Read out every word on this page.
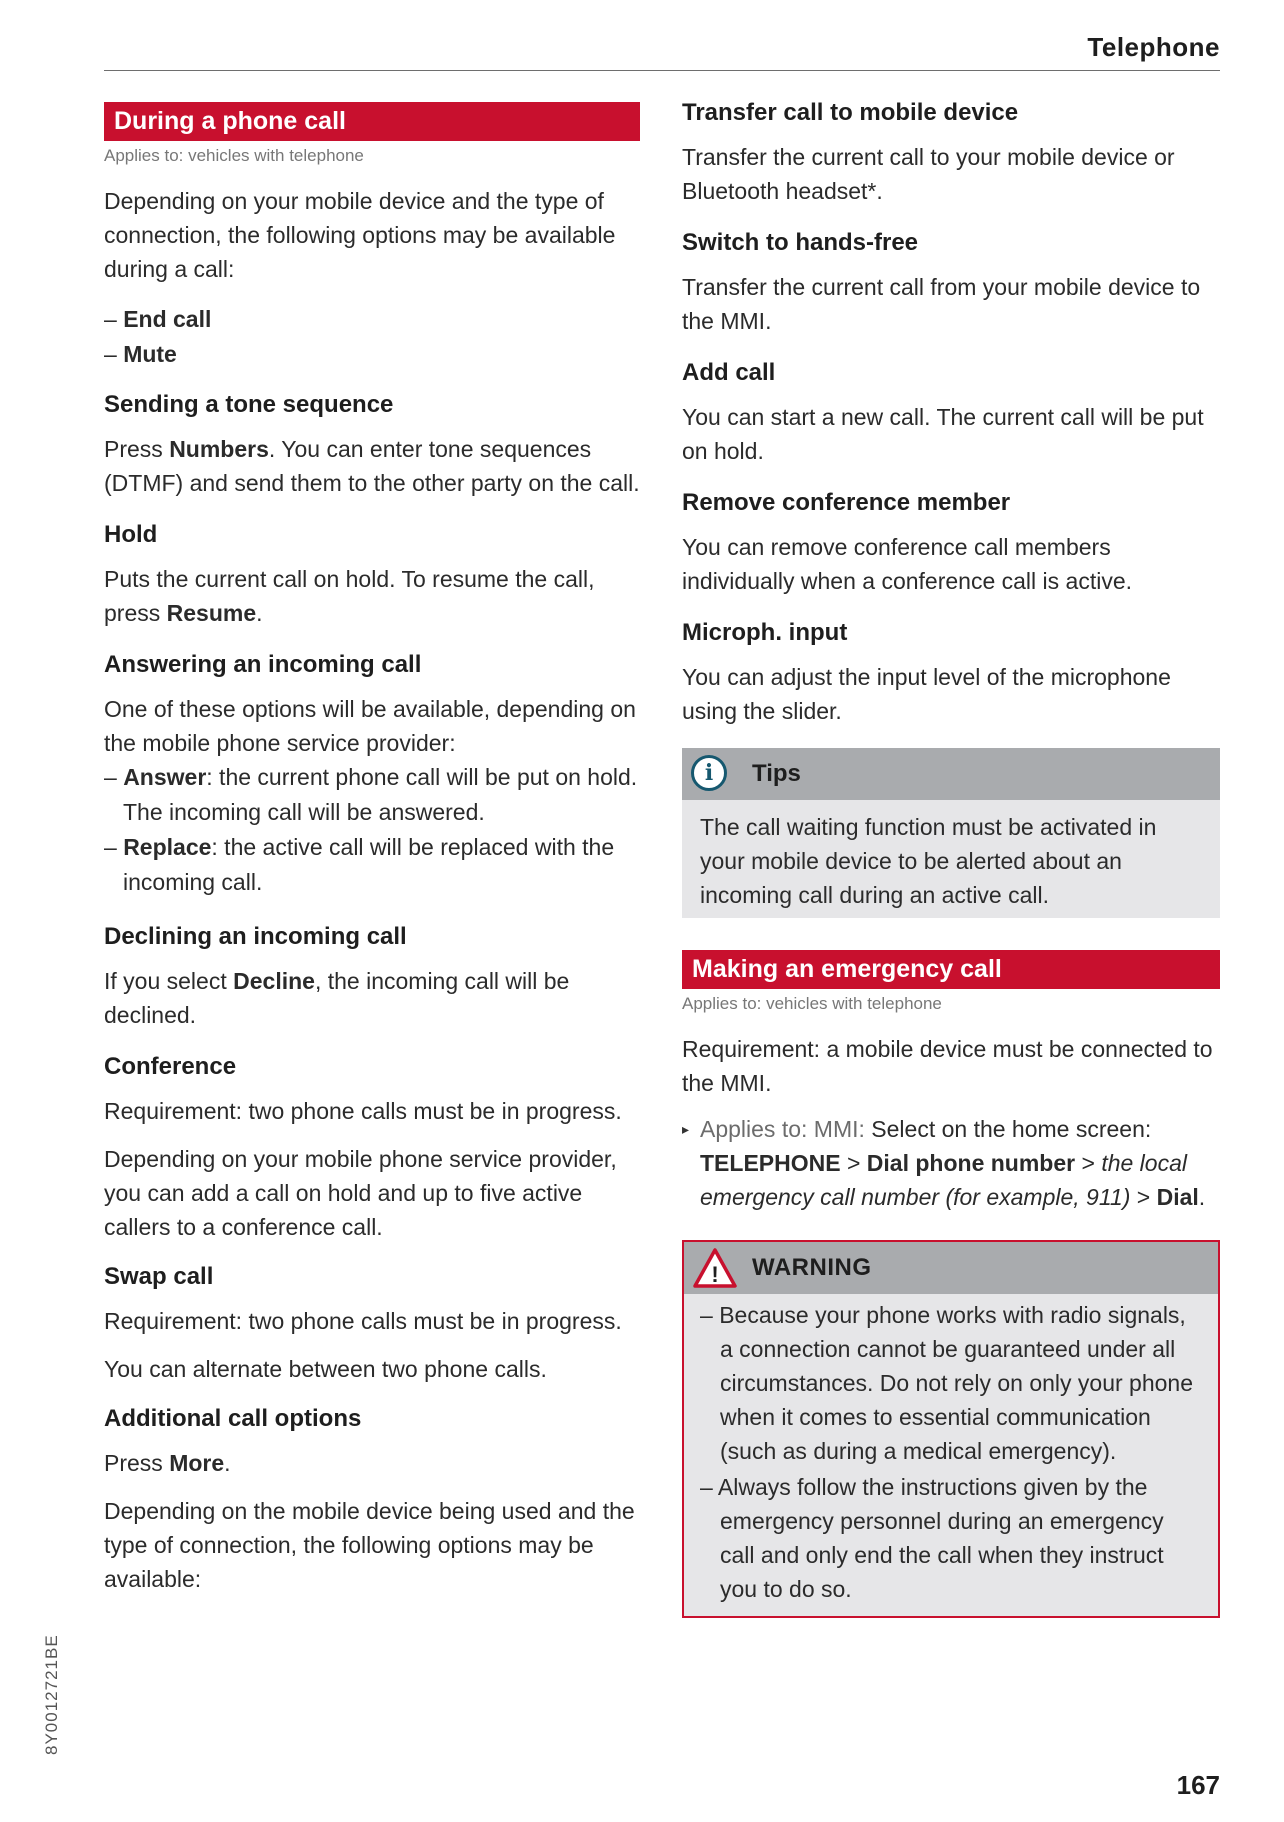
Telephone
During a phone call
Applies to: vehicles with telephone

Depending on your mobile device and the type of connection, the following options may be available during a call:

– End call
– Mute
Sending a tone sequence

Press Numbers. You can enter tone sequences (DTMF) and send them to the other party on the call.

Hold

Puts the current call on hold. To resume the call, press Resume.

Answering an incoming call

One of these options will be available, depending on the mobile phone service provider:

– Answer: the current phone call will be put on hold. The incoming call will be answered.
– Replace: the active call will be replaced with the incoming call.
Declining an incoming call

If you select Decline, the incoming call will be declined.

Conference

Requirement: two phone calls must be in progress.

Depending on your mobile phone service provider, you can add a call on hold and up to five active callers to a conference call.

Swap call

Requirement: two phone calls must be in progress.

You can alternate between two phone calls.

Additional call options

Press More.

Depending on the mobile device being used and the type of connection, the following options may be available:

Transfer call to mobile device

Transfer the current call to your mobile device or Bluetooth headset*.

Switch to hands-free

Transfer the current call from your mobile device to the MMI.

Add call

You can start a new call. The current call will be put on hold.

Remove conference member

You can remove conference call members individually when a conference call is active.

Microph. input

You can adjust the input level of the microphone using the slider.

i	Tips
The call waiting function must be activated in your mobile device to be alerted about an incoming call during an active call.
Making an emergency call
Applies to: vehicles with telephone

Requirement: a mobile device must be connected to the MMI.

▸ Applies to: MMI: Select on the home screen: TELEPHONE > Dial phone number > the local emergency call number (for example, 911) > Dial.
! WARNING
– Because your phone works with radio signals, a connection cannot be guaranteed under all circumstances. Do not rely on only your phone when it comes to essential communication (such as during a medical emergency).
– Always follow the instructions given by the emergency personnel during an emergency call and only end the call when they instruct you to do so.
8Y0012721BE
167
